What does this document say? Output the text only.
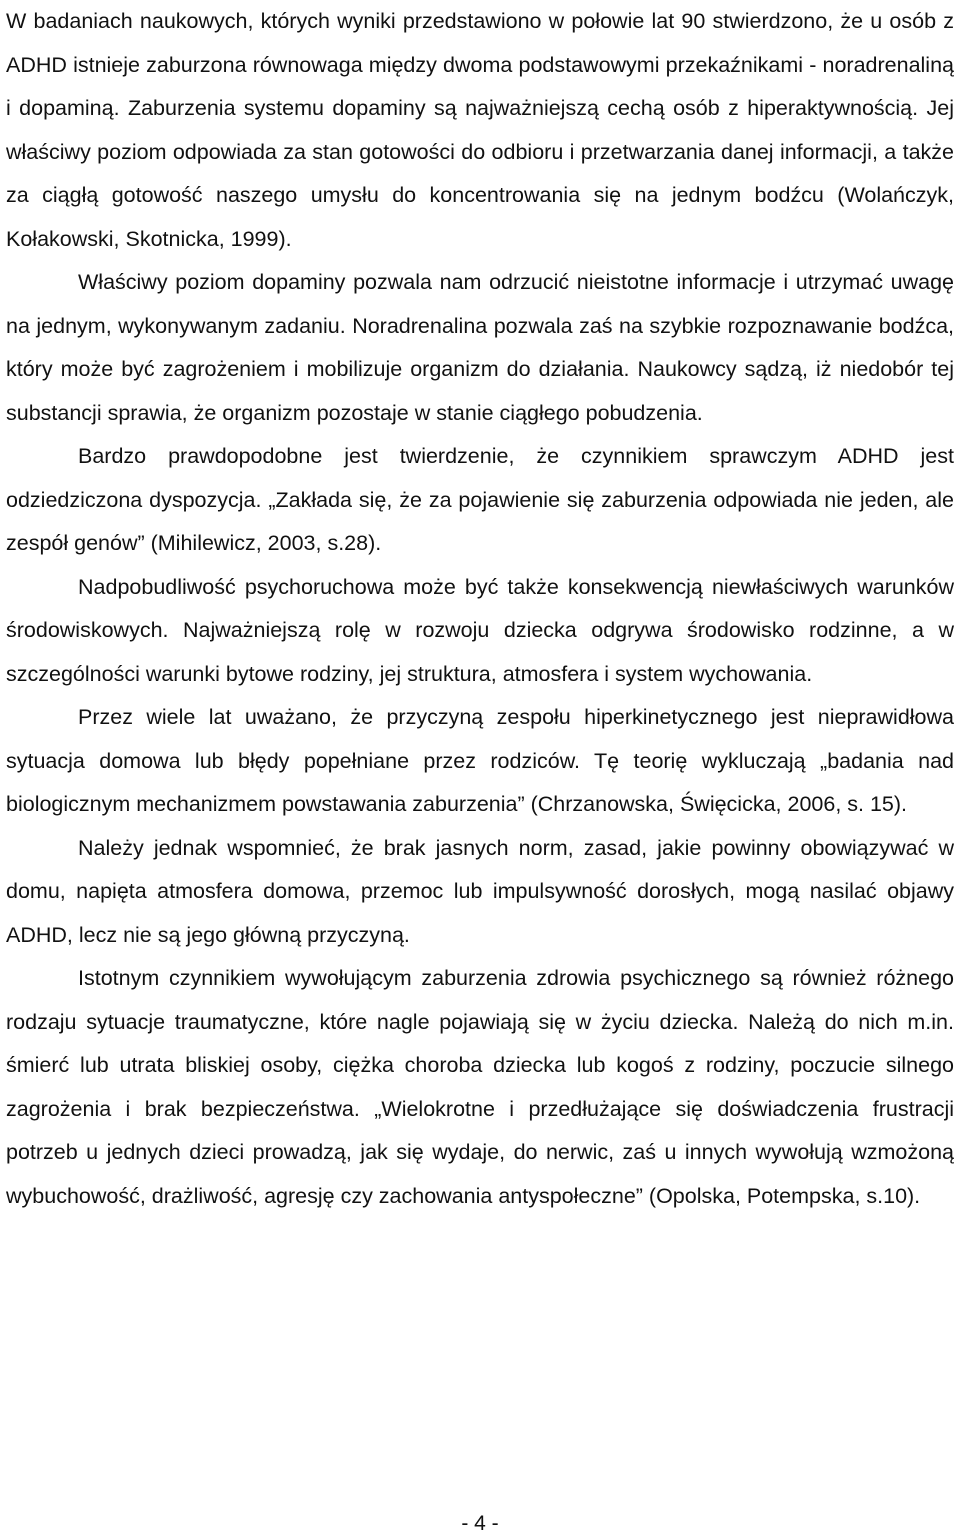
W badaniach naukowych, których wyniki przedstawiono w połowie lat 90 stwierdzono, że u osób z ADHD istnieje zaburzona równowaga między dwoma podstawowymi przekaźnikami - noradrenaliną i dopaminą. Zaburzenia systemu dopaminy są najważniejszą cechą osób z hiperaktywnością. Jej właściwy poziom odpowiada za stan gotowości do odbioru i przetwarzania danej informacji, a także za ciągłą gotowość naszego umysłu do koncentrowania się na jednym bodźcu (Wolańczyk, Kołakowski, Skotnicka, 1999).

Właściwy poziom dopaminy pozwala nam odrzucić nieistotne informacje i utrzymać uwagę na jednym, wykonywanym zadaniu. Noradrenalina pozwala zaś na szybkie rozpoznawanie bodźca, który może być zagrożeniem i mobilizuje organizm do działania. Naukowcy sądzą, iż niedobór tej substancji sprawia, że organizm pozostaje w stanie ciągłego pobudzenia.

Bardzo prawdopodobne jest twierdzenie, że czynnikiem sprawczym ADHD jest odziedziczona dyspozycja. „Zakłada się, że za pojawienie się zaburzenia odpowiada nie jeden, ale zespół genów” (Mihilewicz, 2003, s.28).

Nadpobudliwość psychoruchowa może być także konsekwencją niewłaściwych warunków środowiskowych. Najważniejszą rolę w rozwoju dziecka odgrywa środowisko rodzinne, a w szczególności warunki bytowe rodziny, jej struktura, atmosfera i system wychowania.

Przez wiele lat uważano, że przyczyną zespołu hiperkinetycznego jest nieprawidłowa sytuacja domowa lub błędy popełniane przez rodziców. Tę teorię wykluczają „badania nad biologicznym mechanizmem powstawania zaburzenia” (Chrzanowska, Święcicka, 2006, s. 15).

Należy jednak wspomnieć, że brak jasnych norm, zasad, jakie powinny obowiązywać w domu, napięta atmosfera domowa, przemoc lub impulsywność dorosłych, mogą nasilać objawy ADHD, lecz nie są jego główną przyczyną.

Istotnym czynnikiem wywołującym zaburzenia zdrowia psychicznego są również różnego rodzaju sytuacje traumatyczne, które nagle pojawiają się w życiu dziecka. Należą do nich m.in. śmierć lub utrata bliskiej osoby, ciężka choroba dziecka lub kogoś z rodziny, poczucie silnego zagrożenia i brak bezpieczeństwa. „Wielokrotne i przedłużające się doświadczenia frustracji potrzeb u jednych dzieci prowadzą, jak się wydaje, do nerwic, zaś u innych wywołują wzmożoną wybuchowość, drażliwość, agresję czy zachowania antyspołeczne” (Opolska, Potempska, s.10).

- 4 -
